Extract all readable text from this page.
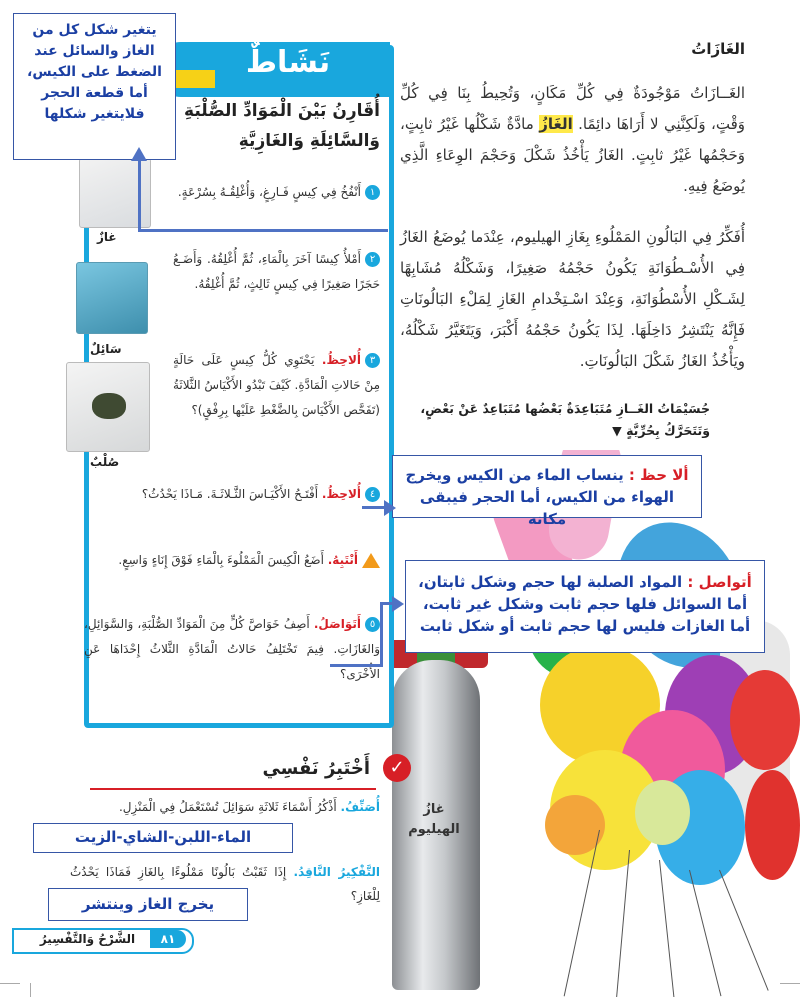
الغَازَاتُ
الغَــازَاتُ مَوْجُودَةٌ فِي كُلِّ مَكَانٍ، وَتُحِيطُ بِنَا فِي كُلِّ وَقْتٍ، وَلَكِنَّنِي لا أَرَاهَا دائِمًا. الغَازُ مادَّةٌ شَكْلُها غَيْرُ ثابِتٍ، وَحَجْمُها غَيْرُ ثابِتٍ. الغَازُ يَأْخُذُ شَكْلَ وَحَجْمَ الوِعَاءِ الَّذِي يُوضَعُ فِيهِ.
أُفَكِّرُ فِي البَالُونِ المَمْلُوءِ بِغَازِ الهيليوم، عِنْدَما يُوضَعُ الغَازُ فِي الأُسْـطُوَانَةِ يَكُونُ حَجْمُهُ صَغِيرًا، وَشَكْلُهُ مُشَابِهًا لِشَـكْلِ الأُسْطُوَانَةِ، وَعِنْدَ اسْـتِخْدامِ الغَازِ لِمَلْءِ البَالُونَاتِ فَإِنَّهُ يَنْتَشِرُ دَاخِلَهَا. لِذَا يَكُونُ حَجْمُهُ أَكْبَرَ، وَيَتَغَيَّرُ شَكْلُهُ، ويَأْخُذُ الغَازُ شَكْلَ البَالُونَاتِ.
جُسَيْمَاتُ الغَــازِ مُتَبَاعِدَةٌ بَعْضُها مُتَبَاعِدٌ عَنْ بَعْضٍ، وَتَتَحَرَّكُ بِحُرِّيَّةٍ ▼
غازُ
الهيليوم
نَشَاطٌ
أُقَارِنُ بَيْنَ الْمَوَادِّ الصُّلْبَةِ وَالسَّائِلَةِ وَالغَازِيَّةِ
غازٌ
سَائِلٌ
صُلْبٌ
١أَنْفُخُ فِي كِيسٍ فَـارِغٍ، وَأُغْلِقُـهُ بِسُرْعَةٍ.
٢أَمْلأُ كِيسًا آخَرَ بِالْمَاءِ، ثُمَّ أُغْلِقُهُ. وَأَضَـعُ حَجَرًا صَغِيرًا فِي كِيسٍ ثَالِثٍ، ثُمَّ أُغْلِقُهُ.
٣أُلاحِظُ. يَحْتَوِي كُلُّ كِيسٍ عَلَى حَالَةٍ مِنْ حَالاتِ الْمَادَّةِ. كَيْفَ تَبْدُو الأَكْيَاسُ الثَّلاثَةُ (تَفَحَّص الأَكْيَاسَ بِالضَّغْطِ عَلَيْها بِرِفْقٍ)؟
٤أُلاحِظُ. أَفْتَـحُ الأَكْيَـاسَ الثَّـلاثَـةَ. مَـاذَا يَحْدُثُ؟
أَنْتَبِهُ. أَضَعُ الْكِيسَ الْمَمْلُوءَ بِالْمَاءِ فَوْقَ إِنَاءٍ وَاسِعٍ.
٥أَتَوَاصَلُ. أَصِفُ خَوَاصَّ كُلٍّ مِنَ الْمَوَادِّ الصُّلْبَةِ، وَالسَّوَائِلِ، وَالغَازَاتِ. فِيمَ تَخْتَلِفُ حَالاتُ الْمَادَّةِ الثَّلاثُ إِحْدَاهَا عَنِ الأُخْرَى؟
✓
أَخْتَبِرُ نَفْسِي
أُصَنِّفُ. أَذْكُرُ أَسْمَاءَ ثَلاثَةِ سَوَائِلَ تُسْتَعْمَلُ فِي الْمَنْزِلِ.
التَّفْكِيرُ النَّاقِدُ. إِذَا ثَقَبْتُ بَالُونًا مَمْلُوءًا بِالغَازِ فَمَاذَا يَحْدُثُ لِلْغَازِ؟
الشَّرْحُ وَالتَّفْسِيرُ	٨١
يتغير شكل كل من الغاز والسائل عند الضغط على الكيس، أما قطعة الحجر فلايتغير شكلها
ألا حظ : ينساب الماء من الكيس ويخرج الهواء من الكيس، أما الحجر فيبقى مكانه
أتواصل : المواد الصلبة لها حجم وشكل ثابتان، أما السوائل فلها حجم ثابت وشكل غير ثابت، أما الغازات فليس لها حجم ثابت أو شكل ثابت
الماء-اللبن-الشاي-الزيت
يخرج الغاز وينتشر
